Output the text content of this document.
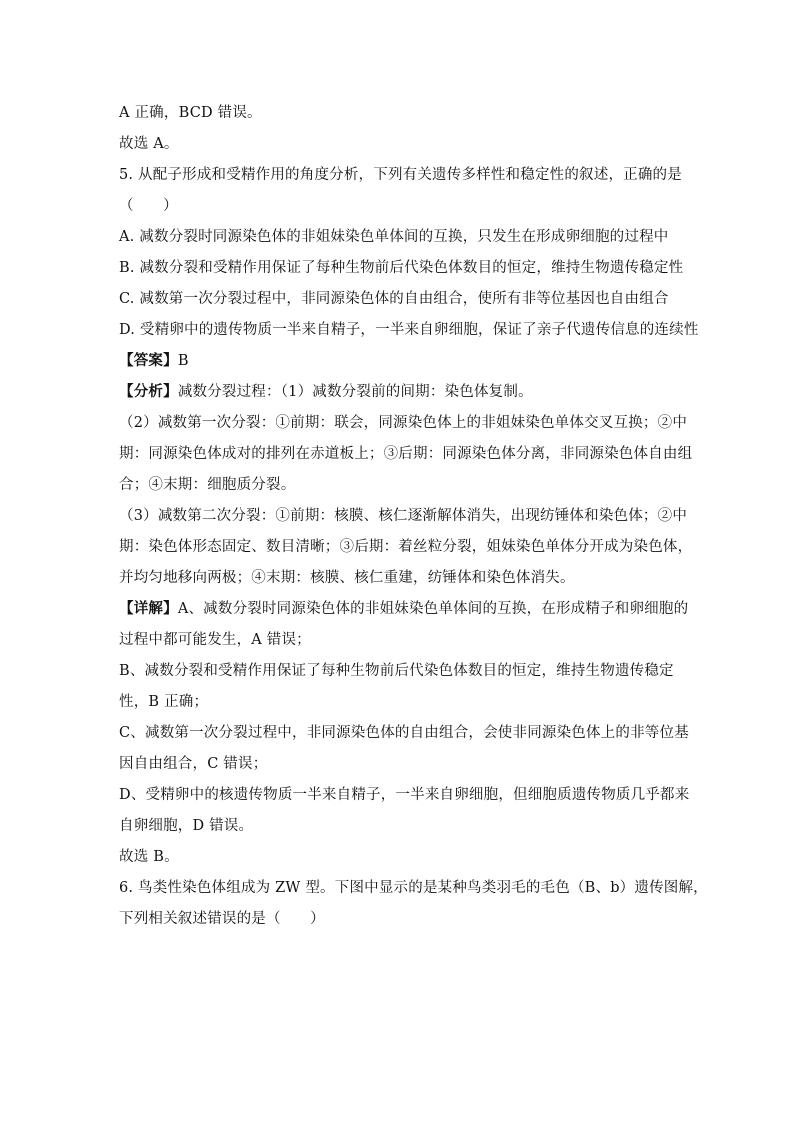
A 正确，BCD 错误。
故选 A。
5. 从配子形成和受精作用的角度分析，下列有关遗传多样性和稳定性的叙述，正确的是
（　　）
A. 减数分裂时同源染色体的非姐妹染色单体间的互换，只发生在形成卵细胞的过程中
B. 减数分裂和受精作用保证了每种生物前后代染色体数目的恒定，维持生物遗传稳定性
C. 减数第一次分裂过程中，非同源染色体的自由组合，使所有非等位基因也自由组合
D. 受精卵中的遗传物质一半来自精子，一半来自卵细胞，保证了亲子代遗传信息的连续性
【答案】B
【分析】减数分裂过程：（1）减数分裂前的间期：染色体复制。
（2）减数第一次分裂：①前期：联会，同源染色体上的非姐妹染色单体交叉互换；②中
期：同源染色体成对的排列在赤道板上；③后期：同源染色体分离，非同源染色体自由组
合；④末期：细胞质分裂。
（3）减数第二次分裂：①前期：核膜、核仁逐渐解体消失，出现纺锤体和染色体；②中
期：染色体形态固定、数目清晰；③后期：着丝粒分裂，姐妹染色单体分开成为染色体，
并均匀地移向两极；④末期：核膜、核仁重建，纺锤体和染色体消失。
【详解】A、减数分裂时同源染色体的非姐妹染色单体间的互换，在形成精子和卵细胞的
过程中都可能发生，A 错误；
B、减数分裂和受精作用保证了每种生物前后代染色体数目的恒定，维持生物遗传稳定
性，B 正确；
C、减数第一次分裂过程中，非同源染色体的自由组合，会使非同源染色体上的非等位基
因自由组合，C 错误；
D、受精卵中的核遗传物质一半来自精子，一半来自卵细胞，但细胞质遗传物质几乎都来
自卵细胞，D 错误。
故选 B。
6. 鸟类性染色体组成为 ZW 型。下图中显示的是某种鸟类羽毛的毛色（B、b）遗传图解，
下列相关叙述错误的是（　　）
